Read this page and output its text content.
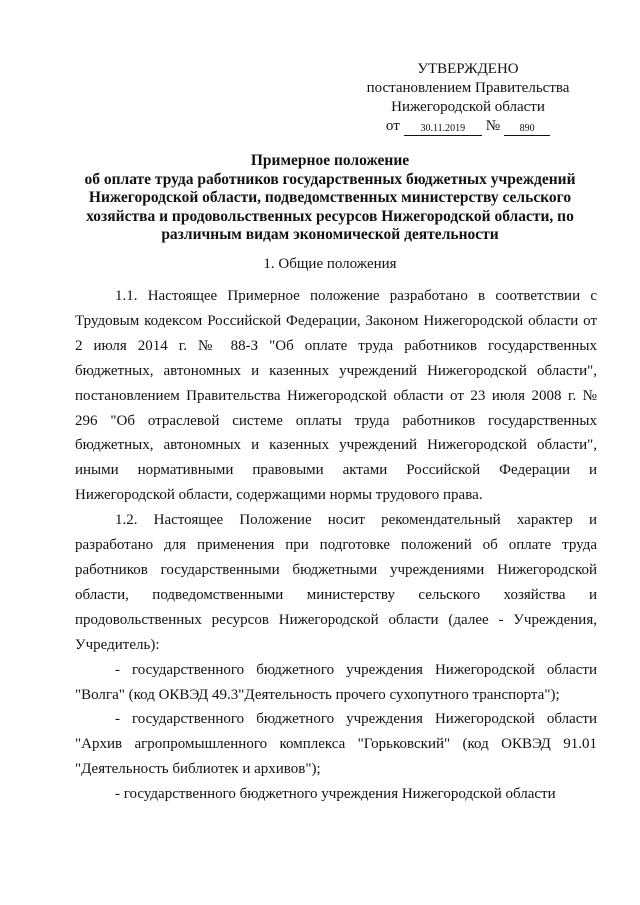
УТВЕРЖДЕНО
постановлением Правительства
Нижегородской области
от	30.11.2019	№	890
Примерное положение
об оплате труда работников государственных бюджетных учреждений
Нижегородской области, подведомственных министерству сельского
хозяйства и продовольственных ресурсов Нижегородской области, по
различным видам экономической деятельности
1. Общие положения

1.1. Настоящее Примерное положение разработано в соответствии с Трудовым кодексом Российской Федерации, Законом Нижегородской области от 2 июля 2014 г. № 88-З "Об оплате труда работников государственных бюджетных, автономных и казенных учреждений Нижегородской области", постановлением Правительства Нижегородской области от 23 июля 2008 г. № 296 "Об отраслевой системе оплаты труда работников государственных бюджетных, автономных и казенных учреждений Нижегородской области", иными нормативными правовыми актами Российской Федерации и Нижегородской области, содержащими нормы трудового права.

1.2. Настоящее Положение носит рекомендательный характер и разработано для применения при подготовке положений об оплате труда работников государственными бюджетными учреждениями Нижегородской области, подведомственными министерству сельского хозяйства и продовольственных ресурсов Нижегородской области (далее - Учреждения, Учредитель):

- государственного бюджетного учреждения Нижегородской области "Волга" (код ОКВЭД 49.3"Деятельность прочего сухопутного транспорта");

- государственного бюджетного учреждения Нижегородской области "Архив агропромышленного комплекса "Горьковский" (код ОКВЭД 91.01 "Деятельность библиотек и архивов");

- государственного бюджетного учреждения Нижегородской области
